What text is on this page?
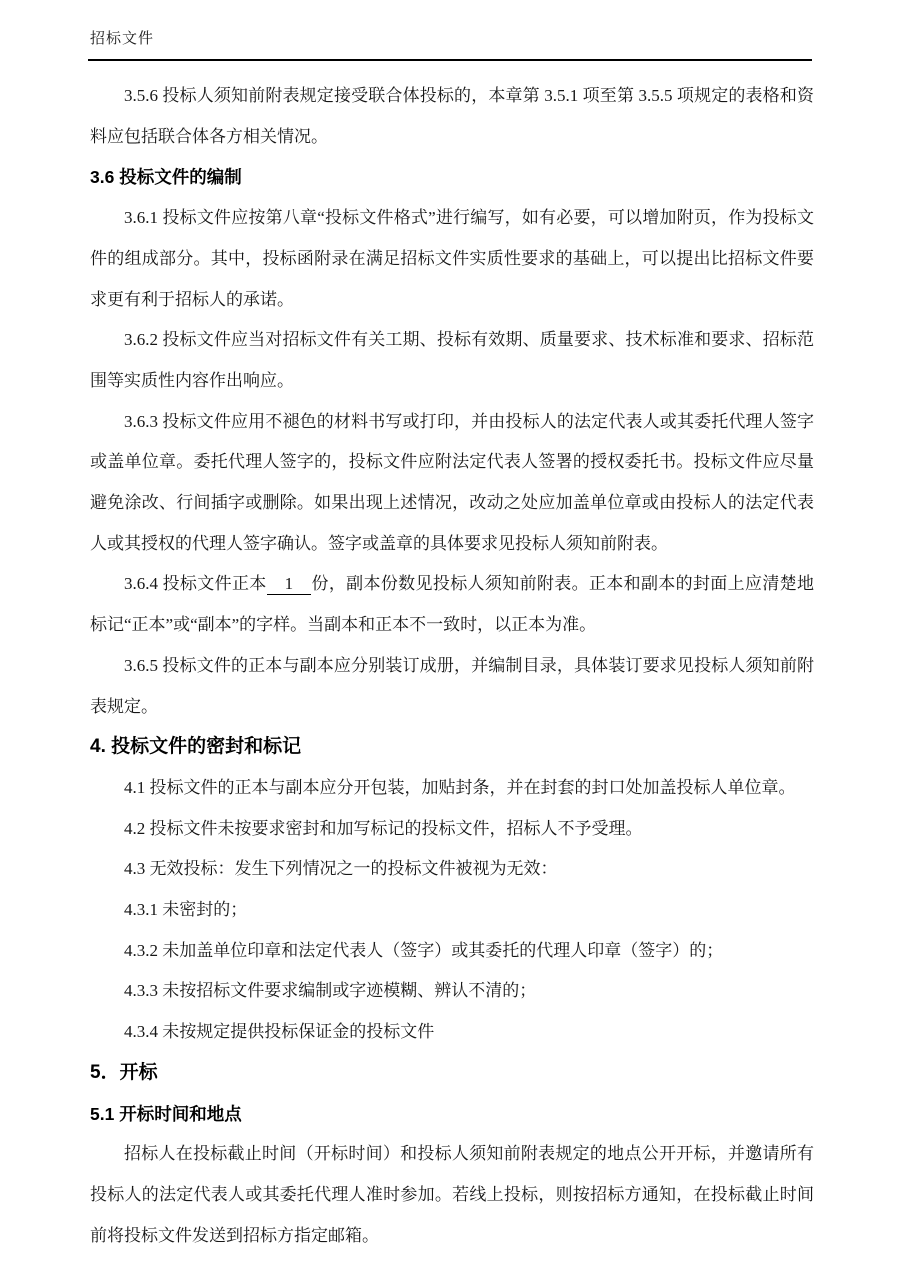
招标文件

3.5.6 投标人须知前附表规定接受联合体投标的，本章第 3.5.1 项至第 3.5.5 项规定的表格和资料应包括联合体各方相关情况。

3.6 投标文件的编制

3.6.1 投标文件应按第八章“投标文件格式”进行编写，如有必要，可以增加附页，作为投标文件的组成部分。其中，投标函附录在满足招标文件实质性要求的基础上，可以提出比招标文件要求更有利于招标人的承诺。

3.6.2 投标文件应当对招标文件有关工期、投标有效期、质量要求、技术标准和要求、招标范围等实质性内容作出响应。

3.6.3 投标文件应用不褪色的材料书写或打印，并由投标人的法定代表人或其委托代理人签字或盖单位章。委托代理人签字的，投标文件应附法定代表人签署的授权委托书。投标文件应尽量避免涂改、行间插字或删除。如果出现上述情况，改动之处应加盖单位章或由投标人的法定代表人或其授权的代理人签字确认。签字或盖章的具体要求见投标人须知前附表。

3.6.4 投标文件正本 1 份，副本份数见投标人须知前附表。正本和副本的封面上应清楚地标记“正本”或“副本”的字样。当副本和正本不一致时，以正本为准。

3.6.5 投标文件的正本与副本应分别装订成册，并编制目录，具体装订要求见投标人须知前附表规定。

4. 投标文件的密封和标记

4.1 投标文件的正本与副本应分开包装，加贴封条，并在封套的封口处加盖投标人单位章。

4.2 投标文件未按要求密封和加写标记的投标文件，招标人不予受理。

4.3 无效投标：发生下列情况之一的投标文件被视为无效：

4.3.1 未密封的；

4.3.2 未加盖单位印章和法定代表人（签字）或其委托的代理人印章（签字）的；

4.3.3 未按招标文件要求编制或字迹模糊、辨认不清的；

4.3.4 未按规定提供投标保证金的投标文件

5．开标
5.1 开标时间和地点

招标人在投标截止时间（开标时间）和投标人须知前附表规定的地点公开开标，并邀请所有投标人的法定代表人或其委托代理人准时参加。若线上投标，则按招标方通知，在投标截止时间前将投标文件发送到招标方指定邮箱。
